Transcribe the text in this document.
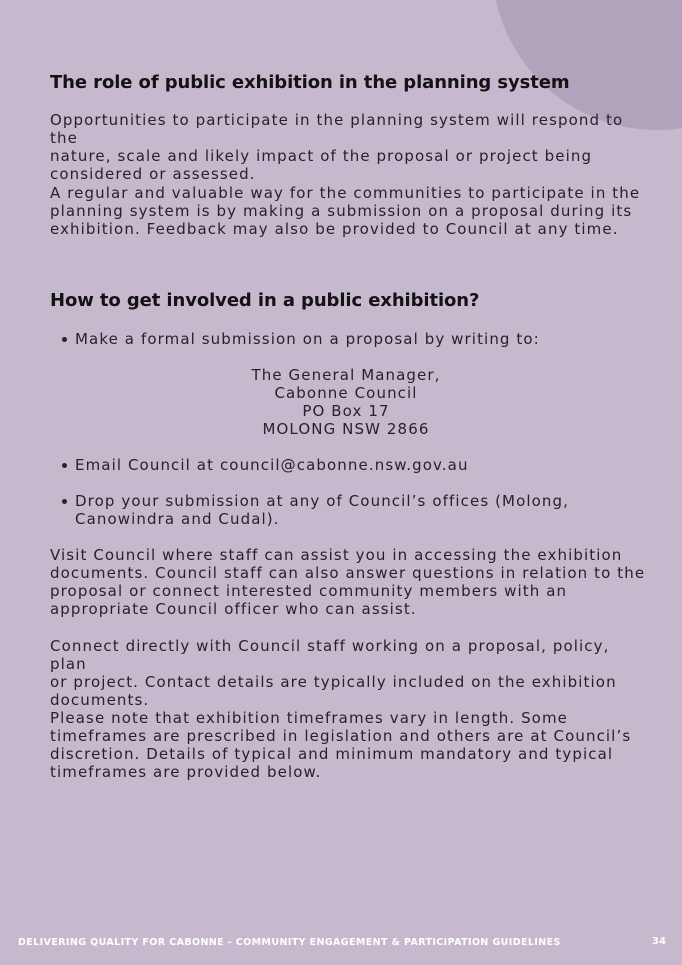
The role of public exhibition in the planning system

Opportunities to participate in the planning system will respond to the
nature, scale and likely impact of the proposal or project being
considered or assessed.

A regular and valuable way for the communities to participate in the
planning system is by making a submission on a proposal during its
exhibition. Feedback may also be provided to Council at any time.

How to get involved in a public exhibition?
Make a formal submission on a proposal by writing to:
The General Manager,
Cabonne Council
PO Box 17
MOLONG NSW 2866
Email Council at council@cabonne.nsw.gov.au
Drop your submission at any of Council’s offices (Molong,
Canowindra and Cudal).

Visit Council where staff can assist you in accessing the exhibition
documents. Council staff can also answer questions in relation to the
proposal or connect interested community members with an
appropriate Council officer who can assist.

Connect directly with Council staff working on a proposal, policy, plan
or project. Contact details are typically included on the exhibition
documents.

Please note that exhibition timeframes vary in length. Some
timeframes are prescribed in legislation and others are at Council’s
discretion. Details of typical and minimum mandatory and typical
timeframes are provided below.

DELIVERING QUALITY FOR CABONNE - COMMUNITY ENGAGEMENT & PARTICIPATION GUIDELINES	34
